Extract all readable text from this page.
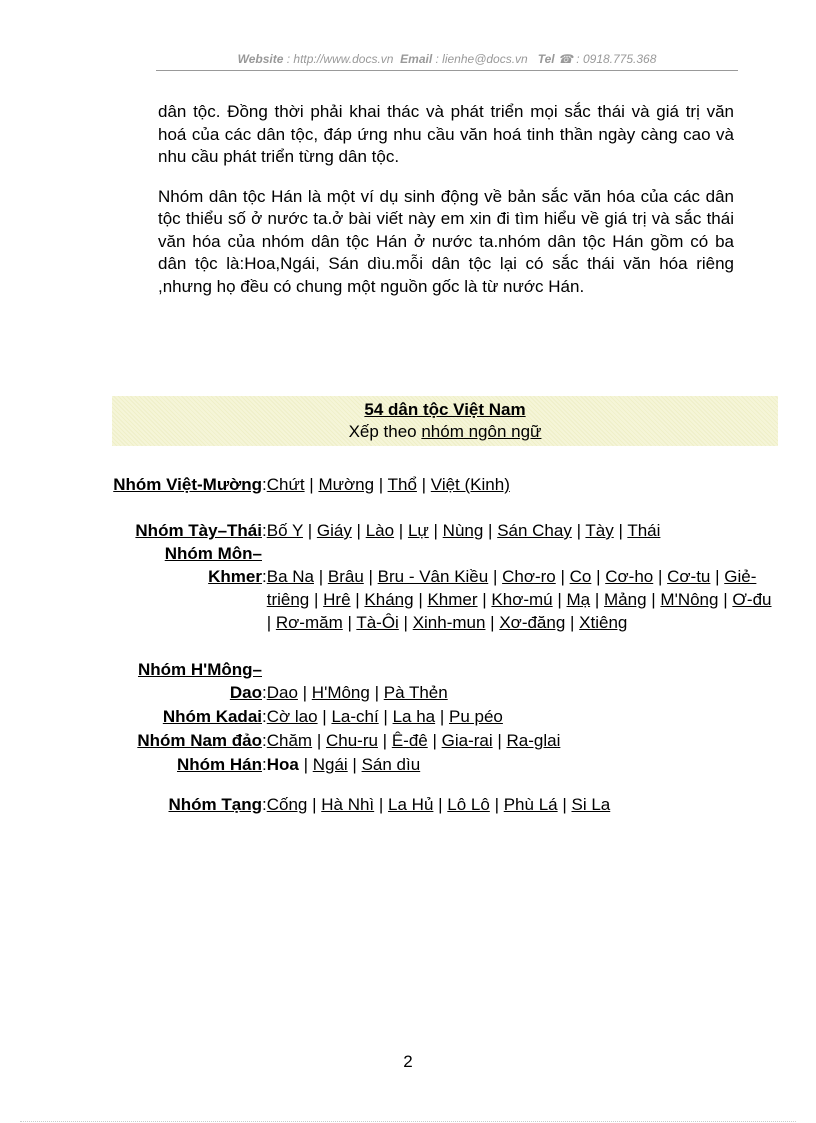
Website : http://www.docs.vn Email : lienhe@docs.vn Tel ☎ : 0918.775.368

dân tộc. Đồng thời phải khai thác và phát triển mọi sắc thái và giá trị văn hoá của các dân tộc, đáp ứng nhu cầu văn hoá tinh thần ngày càng cao và nhu cầu phát triển từng dân tộc.

Nhóm dân tộc Hán là một ví dụ sinh động về bản sắc văn hóa của các dân tộc thiểu số ở nước ta.ở bài viết này em xin đi tìm hiểu về giá trị và sắc thái văn hóa của nhóm dân tộc Hán ở nước ta.nhóm dân tộc Hán gồm có ba dân tộc là:Hoa,Ngái, Sán dìu.mỗi dân tộc lại có sắc thái văn hóa riêng ,nhưng họ đều có chung một nguồn gốc là từ nước Hán.

54 dân tộc Việt Nam
Xếp theo nhóm ngôn ngữ
Nhóm Việt-Mường	:	Chứt | Mường | Thổ | Việt (Kinh)
Nhóm Tày–Thái	:	Bố Y | Giáy | Lào | Lự | Nùng | Sán Chay | Tày | Thái
Nhóm Môn–Khmer	:	Ba Na | Brâu | Bru - Vân Kiều | Chơ-ro | Co | Cơ-ho | Cơ-tu | Giẻ-triêng | Hrê | Kháng | Khmer | Khơ-mú | Mạ | Mảng | M'Nông | Ơ-đu | Rơ-măm | Tà-Ôi | Xinh-mun | Xơ-đăng | Xtiêng
Nhóm H'Mông–Dao	:	Dao | H'Mông | Pà Thẻn
Nhóm Kadai	:	Cờ lao | La-chí | La ha | Pu péo
Nhóm Nam đảo	:	Chăm | Chu-ru | Ê-đê | Gia-rai | Ra-glai
Nhóm Hán	:	Hoa | Ngái | Sán dìu
Nhóm Tạng	:	Cống | Hà Nhì | La Hủ | Lô Lô | Phù Lá | Si La
2
